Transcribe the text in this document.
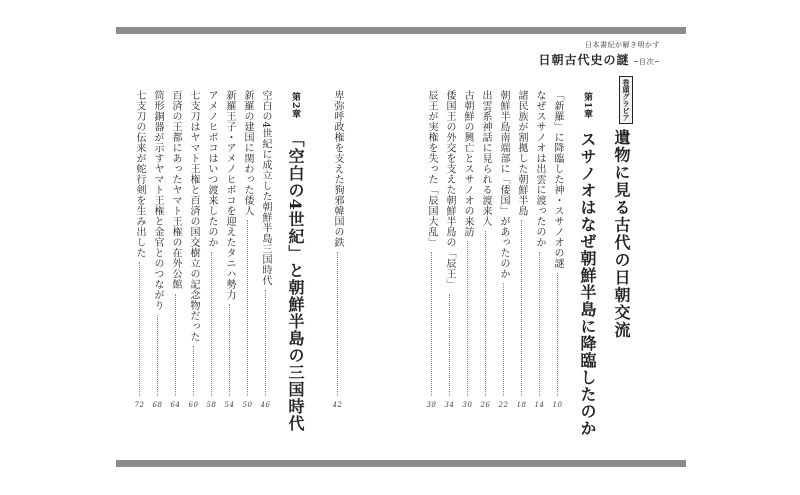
日本書紀が解き明かす
日朝古代史の謎 ─目次─
巻頭グラビア
遺物に見る古代の日朝交流
第1章 スサノオはなぜ朝鮮半島に降臨したのか
「新羅」に降臨した神・スサノオの謎
10
なぜスサノオは出雲に渡ったのか
14
諸民族が割拠した朝鮮半島
18
朝鮮半島南端部に「倭国」があったのか
22
出雲系神話に見られる渡来人
26
古朝鮮の興亡とスサノオの来訪
30
倭国王の外交を支えた朝鮮半島の「辰王」
34
辰王が実権を失った「辰国大乱」
38
卑弥呼政権を支えた狗邪韓国の鉄
42
第2章 「空白の4世紀」と朝鮮半島の三国時代
空白の4世紀に成立した朝鮮半島三国時代
46
新羅の建国に関わった倭人
50
新羅王子・アメノヒボコを迎えたタニハ勢力
54
アメノヒボコはいつ渡来したのか
58
七支刀はヤマト王権と百済の国交樹立の記念物だった
60
百済の王都にあったヤマト王権の在外公館
64
筒形銅器が示すヤマト王権と金官とのつながり
68
七支刀の伝来が蛇行剣を生み出した
72
